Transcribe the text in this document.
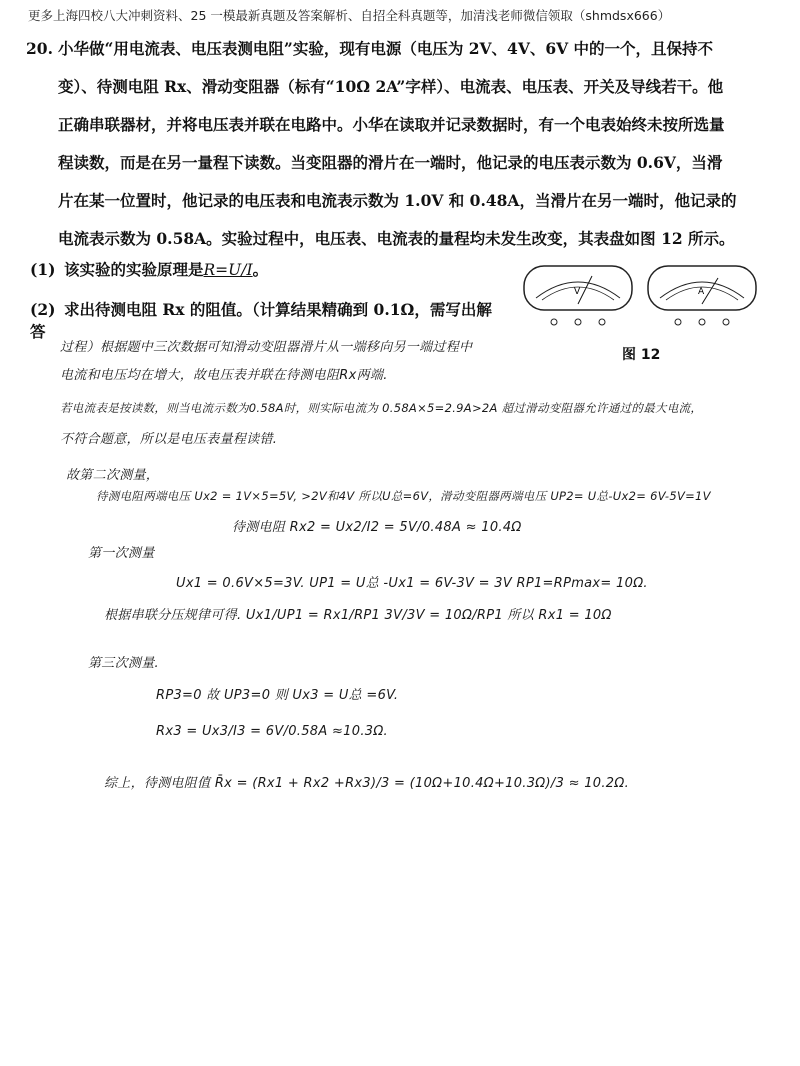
更多上海四校八大冲刺资料、25 一模最新真题及答案解析、自招全科真题等，加清浅老师微信领取（shmdsx666）
20. 小华做“用电流表、电压表测电阻”实验，现有电源（电压为 2V、4V、6V 中的一个，且保持不

变）、待测电阻 Rx、滑动变阻器（标有“10Ω 2A”字样）、电流表、电压表、开关及导线若干。他

正确串联器材，并将电压表并联在电路中。小华在读取并记录数据时，有一个电表始终未按所选量

程读数，而是在另一量程下读数。当变阻器的滑片在一端时，他记录的电压表示数为 0.6V，当滑

片在某一位置时，他记录的电压表和电流表示数为 1.0V 和 0.48A，当滑片在另一端时，他记录的

电流表示数为 0.58A。实验过程中，电压表、电流表的量程均未发生改变，其表盘如图 12 所示。

(1) 该实验的实验原理是R=U/I。
(2) 求出待测电阻 Rx 的阻值。（计算结果精确到 0.1Ω，需写出解答
V	A
图 12
过程）根据题中三次数据可知滑动变阻器滑片从一端移向另一端过程中
电流和电压均在增大，故电压表并联在待测电阻Rx两端.
若电流表是按读数，则当电流示数为0.58A时，则实际电流为 0.58A×5=2.9A>2A 超过滑动变阻器允许通过的最大电流，
不符合题意，所以是电压表量程读错.
故第二次测量，
待测电阻两端电压 Ux2 = 1V×5=5V, >2V和4V 所以U总=6V，滑动变阻器两端电压 UP2= U总-Ux2= 6V-5V=1V
待测电阻 Rx2 = Ux2/I2 = 5V/0.48A ≈ 10.4Ω
第一次测量
Ux1 = 0.6V×5=3V. UP1 = U总 -Ux1 = 6V-3V = 3V RP1=RPmax= 10Ω.
根据串联分压规律可得. Ux1/UP1 = Rx1/RP1 3V/3V = 10Ω/RP1 所以 Rx1 = 10Ω
第三次测量.
RP3=0 故 UP3=0 则 Ux3 = U总 =6V.
Rx3 = Ux3/I3 = 6V/0.58A ≈10.3Ω.
综上，待测电阻值 R̄x = (Rx1 + Rx2 +Rx3)/3 = (10Ω+10.4Ω+10.3Ω)/3 ≈ 10.2Ω.
